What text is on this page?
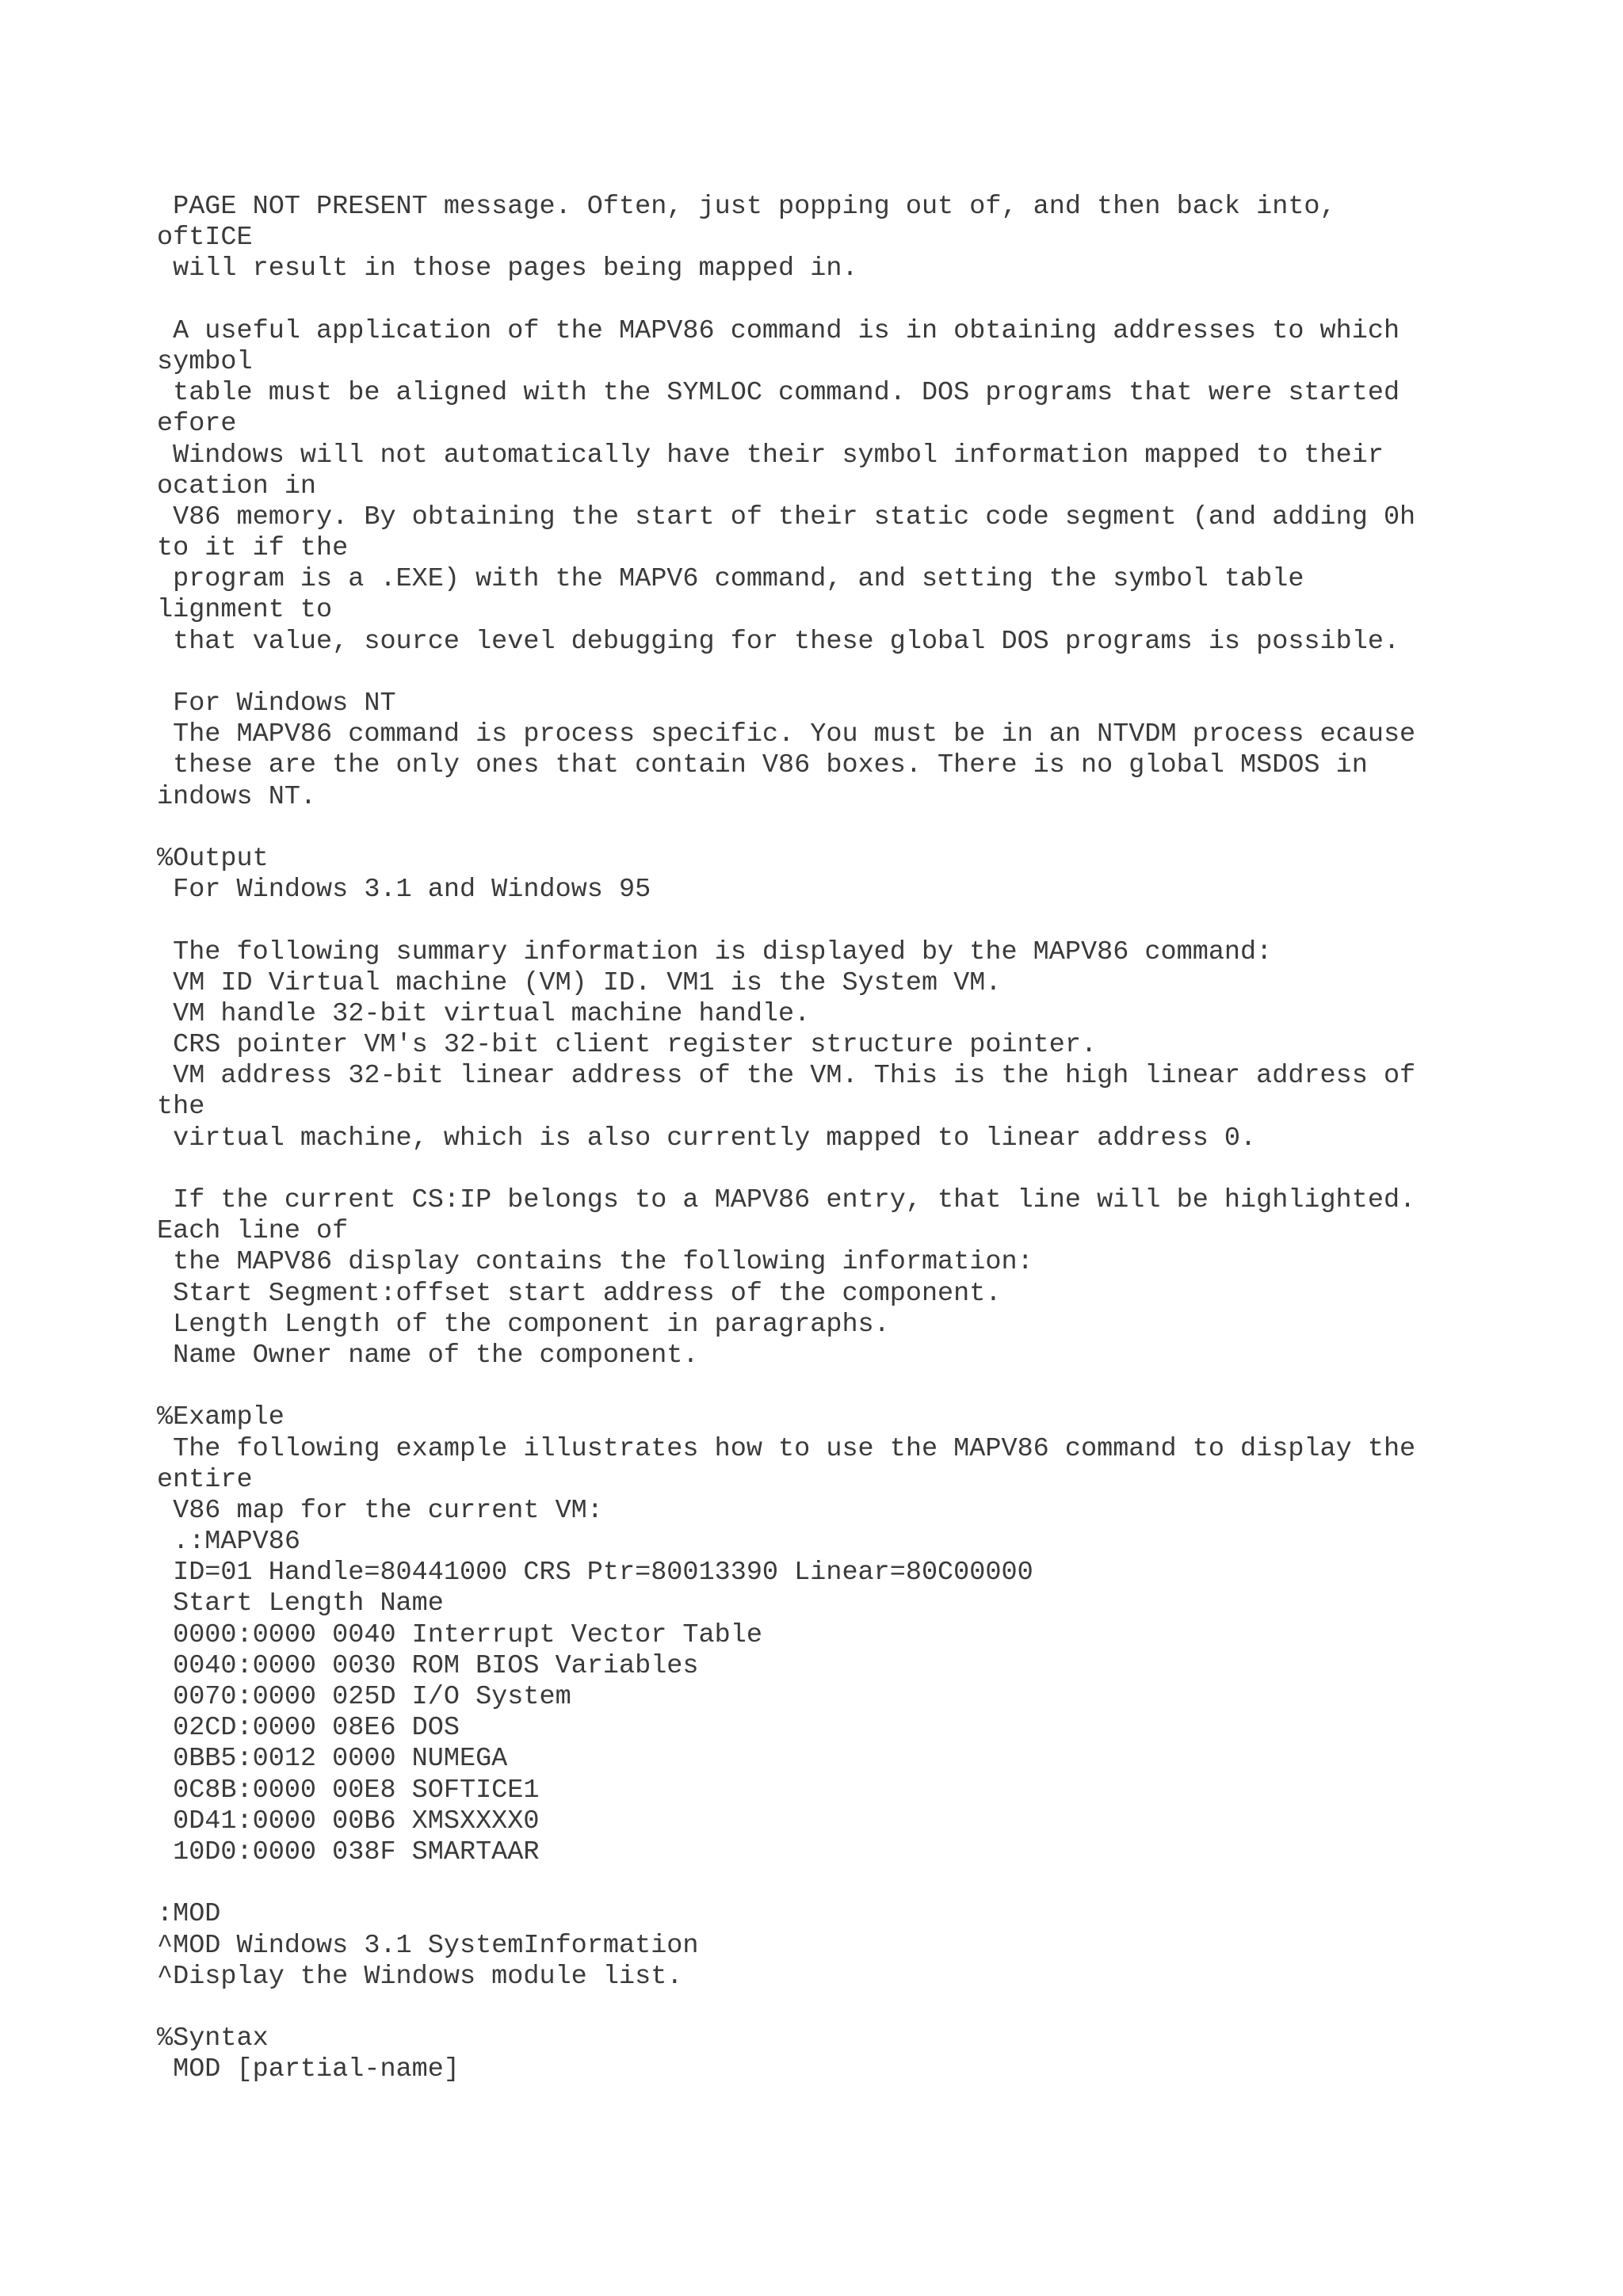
PAGE NOT PRESENT message. Often, just popping out of, and then back into,
oftICE
will result in those pages being mapped in.
A useful application of the MAPV86 command is in obtaining addresses to which
symbol
table must be aligned with the SYMLOC command. DOS programs that were started
efore
Windows will not automatically have their symbol information mapped to their
ocation in
V86 memory. By obtaining the start of their static code segment (and adding 0h
to it if the
program is a .EXE) with the MAPV6 command, and setting the symbol table
lignment to
that value, source level debugging for these global DOS programs is possible.
For Windows NT
The MAPV86 command is process specific. You must be in an NTVDM process ecause
these are the only ones that contain V86 boxes. There is no global MSDOS in
indows NT.
%Output
For Windows 3.1 and Windows 95
The following summary information is displayed by the MAPV86 command:
VM ID Virtual machine (VM) ID. VM1 is the System VM.
VM handle 32-bit virtual machine handle.
CRS pointer VM's 32-bit client register structure pointer.
VM address 32-bit linear address of the VM. This is the high linear address of
the
virtual machine, which is also currently mapped to linear address 0.
If the current CS:IP belongs to a MAPV86 entry, that line will be highlighted.
Each line of
the MAPV86 display contains the following information:
Start Segment:offset start address of the component.
Length Length of the component in paragraphs.
Name Owner name of the component.
%Example
The following example illustrates how to use the MAPV86 command to display the
entire
V86 map for the current VM:
.:MAPV86
ID=01 Handle=80441000 CRS Ptr=80013390 Linear=80C00000
Start Length Name
0000:0000 0040 Interrupt Vector Table
0040:0000 0030 ROM BIOS Variables
0070:0000 025D I/O System
02CD:0000 08E6 DOS
0BB5:0012 0000 NUMEGA
0C8B:0000 00E8 SOFTICE1
0D41:0000 00B6 XMSXXXX0
10D0:0000 038F SMARTAAR
:MOD
^MOD Windows 3.1 SystemInformation
^Display the Windows module list.
%Syntax
MOD [partial-name]
